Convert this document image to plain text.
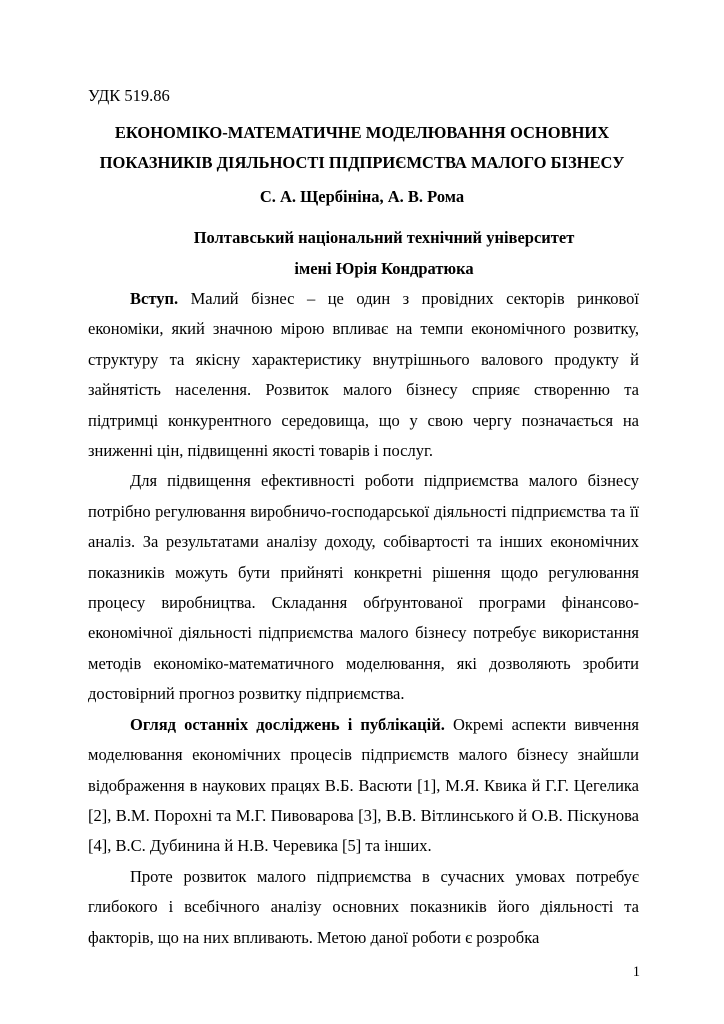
УДК 519.86
ЕКОНОМІКО-МАТЕМАТИЧНЕ МОДЕЛЮВАННЯ ОСНОВНИХ
ПОКАЗНИКІВ ДІЯЛЬНОСТІ ПІДПРИЄМСТВА МАЛОГО БІЗНЕСУ
С. А. Щербініна, А. В. Рома
Полтавський національний технічний університет
імені Юрія Кондратюка

Вступ. Малий бізнес – це один з провідних секторів ринкової економіки, який значною мірою впливає на темпи економічного розвитку, структуру та якісну характеристику внутрішнього валового продукту й зайнятість населення. Розвиток малого бізнесу сприяє створенню та підтримці конкурентного середовища, що у свою чергу позначається на зниженні цін, підвищенні якості товарів і послуг.

Для підвищення ефективності роботи підприємства малого бізнесу потрібно регулювання виробничо-господарської діяльності підприємства та її аналіз. За результатами аналізу доходу, собівартості та інших економічних показників можуть бути прийняті конкретні рішення щодо регулювання процесу виробництва. Складання обґрунтованої програми фінансово-економічної діяльності підприємства малого бізнесу потребує використання методів економіко-математичного моделювання, які дозволяють зробити достовірний прогноз розвитку підприємства.

Огляд останніх досліджень і публікацій. Окремі аспекти вивчення моделювання економічних процесів підприємств малого бізнесу знайшли відображення в наукових працях В.Б. Васюти [1], М.Я. Квика й Г.Г. Цегелика [2], В.М. Порохні та М.Г. Пивоварова [3], В.В. Вітлинського й О.В. Піскунова [4], В.С. Дубинина й Н.В. Черевика [5] та інших.

Проте розвиток малого підприємства в сучасних умовах потребує глибокого і всебічного аналізу основних показників його діяльності та факторів, що на них впливають. Метою даної роботи є розробка

1
